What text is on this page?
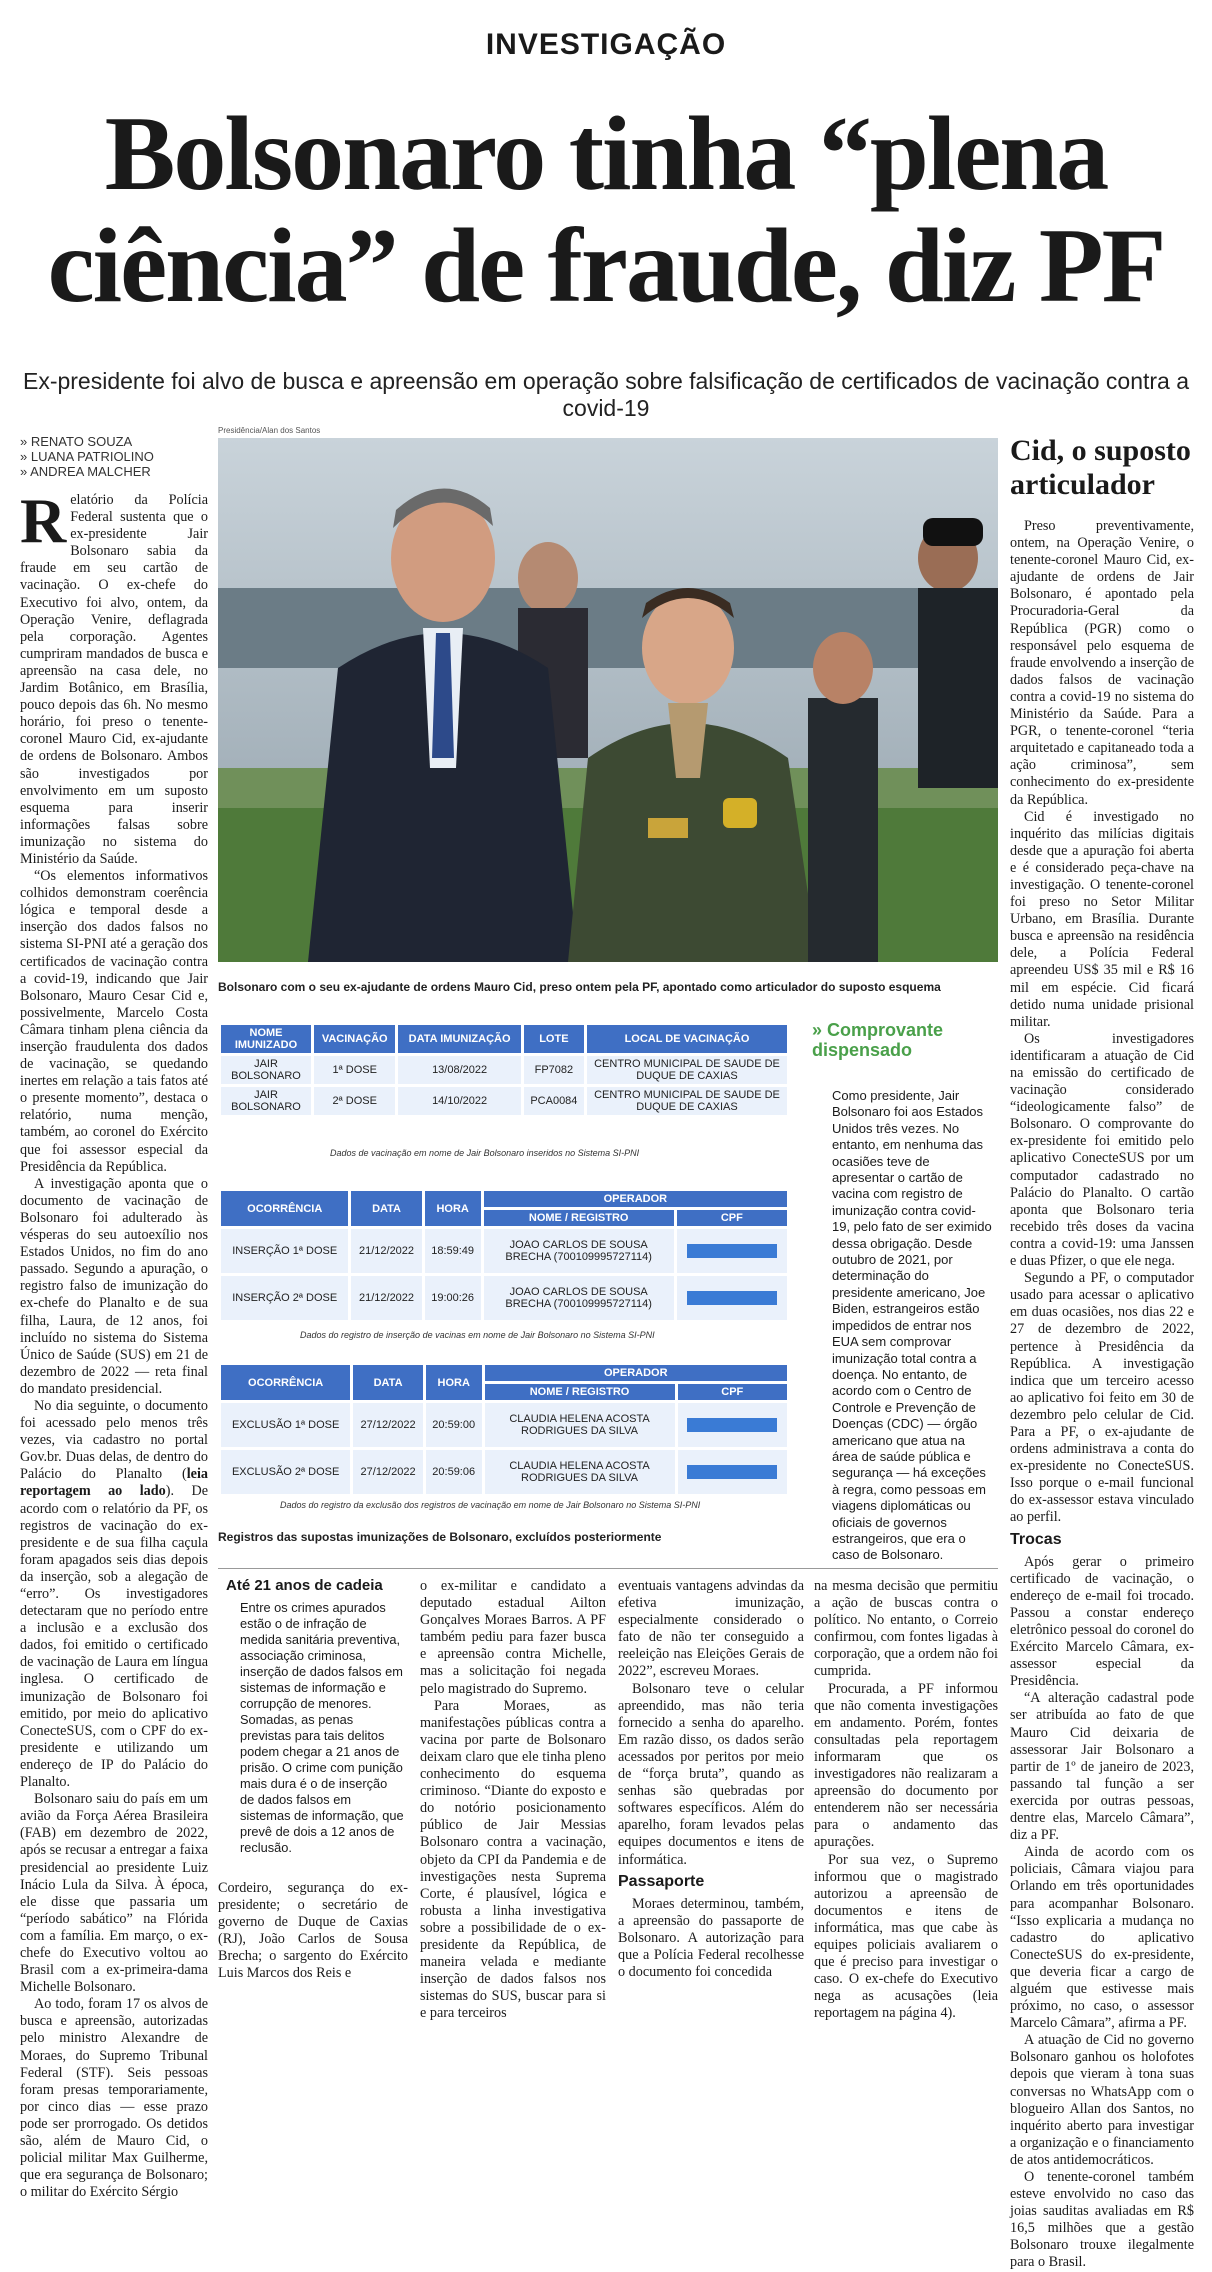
INVESTIGAÇÃO
Bolsonaro tinha “plena
ciência” de fraude, diz PF
Ex-presidente foi alvo de busca e apreensão em operação sobre falsificação de certificados de vacinação contra a covid-19
» RENATO SOUZA
» LUANA PATRIOLINO
» ANDREA MALCHER

Relatório da Polícia Federal sustenta que o ex-presidente Jair Bolsonaro sabia da fraude em seu cartão de vacinação. O ex-chefe do Executivo foi alvo, ontem, da Operação Venire, deflagrada pela corporação. Agentes cumpriram mandados de busca e apreensão na casa dele, no Jardim Botânico, em Brasília, pouco depois das 6h. No mesmo horário, foi preso o tenente-coronel Mauro Cid, ex-ajudante de ordens de Bolsonaro. Ambos são investigados por envolvimento em um suposto esquema para inserir informações falsas sobre imunização no sistema do Ministério da Saúde.

“Os elementos informativos colhidos demonstram coerência lógica e temporal desde a inserção dos dados falsos no sistema SI-PNI até a geração dos certificados de vacinação contra a covid-19, indicando que Jair Bolsonaro, Mauro Cesar Cid e, possivelmente, Marcelo Costa Câmara tinham plena ciência da inserção fraudulenta dos dados de vacinação, se quedando inertes em relação a tais fatos até o presente momento”, destaca o relatório, numa menção, também, ao coronel do Exército que foi assessor especial da Presidência da República.

A investigação aponta que o documento de vacinação de Bolsonaro foi adulterado às vésperas do seu autoexílio nos Estados Unidos, no fim do ano passado. Segundo a apuração, o registro falso de imunização do ex-chefe do Planalto e de sua filha, Laura, de 12 anos, foi incluído no sistema do Sistema Único de Saúde (SUS) em 21 de dezembro de 2022 — reta final do mandato presidencial.

No dia seguinte, o documento foi acessado pelo menos três vezes, via cadastro no portal Gov.br. Duas delas, de dentro do Palácio do Planalto (leia reportagem ao lado). De acordo com o relatório da PF, os registros de vacinação do ex-presidente e de sua filha caçula foram apagados seis dias depois da inserção, sob a alegação de “erro”. Os investigadores detectaram que no período entre a inclusão e a exclusão dos dados, foi emitido o certificado de vacinação de Laura em língua inglesa. O certificado de imunização de Bolsonaro foi emitido, por meio do aplicativo ConecteSUS, com o CPF do ex-presidente e utilizando um endereço de IP do Palácio do Planalto.

Bolsonaro saiu do país em um avião da Força Aérea Brasileira (FAB) em dezembro de 2022, após se recusar a entregar a faixa presidencial ao presidente Luiz Inácio Lula da Silva. À época, ele disse que passaria um “período sabático” na Flórida com a família. Em março, o ex-chefe do Executivo voltou ao Brasil com a ex-primeira-dama Michelle Bolsonaro.

Ao todo, foram 17 os alvos de busca e apreensão, autorizadas pelo ministro Alexandre de Moraes, do Supremo Tribunal Federal (STF). Seis pessoas foram presas temporariamente, por cinco dias — esse prazo pode ser prorrogado. Os detidos são, além de Mauro Cid, o policial militar Max Guilherme, que era segurança de Bolsonaro; o militar do Exército Sérgio

Presidência/Alan dos Santos
Bolsonaro com o seu ex-ajudante de ordens Mauro Cid, preso ontem pela PF, apontado como articulador do suposto esquema
NOME IMUNIZADO	VACINAÇÃO	DATA IMUNIZAÇÃO	LOTE	LOCAL DE VACINAÇÃO
JAIR BOLSONARO	1ª DOSE	13/08/2022	FP7082	CENTRO MUNICIPAL DE SAUDE DE DUQUE DE CAXIAS
JAIR BOLSONARO	2ª DOSE	14/10/2022	PCA0084	CENTRO MUNICIPAL DE SAUDE DE DUQUE DE CAXIAS
Dados de vacinação em nome de Jair Bolsonaro inseridos no Sistema SI-PNI
OCORRÊNCIA	DATA	HORA	OPERADOR	
			NOME / REGISTRO	CPF
INSERÇÃO 1ª DOSE	21/12/2022	18:59:49	JOAO CARLOS DE SOUSA BRECHA (700109995727114)	
INSERÇÃO 2ª DOSE	21/12/2022	19:00:26	JOAO CARLOS DE SOUSA BRECHA (700109995727114)	
Dados do registro de inserção de vacinas em nome de Jair Bolsonaro no Sistema SI-PNI
OCORRÊNCIA	DATA	HORA	OPERADOR	
			NOME / REGISTRO	CPF
EXCLUSÃO 1ª DOSE	27/12/2022	20:59:00	CLAUDIA HELENA ACOSTA RODRIGUES DA SILVA	
EXCLUSÃO 2ª DOSE	27/12/2022	20:59:06	CLAUDIA HELENA ACOSTA RODRIGUES DA SILVA	
Dados do registro da exclusão dos registros de vacinação em nome de Jair Bolsonaro no Sistema SI-PNI
Registros das supostas imunizações de Bolsonaro, excluídos posteriormente
» Comprovante dispensado
Como presidente, Jair Bolsonaro foi aos Estados Unidos três vezes. No entanto, em nenhuma das ocasiões teve de apresentar o cartão de vacina com registro de imunização contra covid-19, pelo fato de ser eximido dessa obrigação. Desde outubro de 2021, por determinação do presidente americano, Joe Biden, estrangeiros estão impedidos de entrar nos EUA sem comprovar imunização total contra a doença. No entanto, de acordo com o Centro de Controle e Prevenção de Doenças (CDC) — órgão americano que atua na área de saúde pública e segurança — há exceções à regra, como pessoas em viagens diplomáticas ou oficiais de governos estrangeiros, que era o caso de Bolsonaro.
Cid, o suposto articulador

Preso preventivamente, ontem, na Operação Venire, o tenente-coronel Mauro Cid, ex-ajudante de ordens de Jair Bolsonaro, é apontado pela Procuradoria-Geral da República (PGR) como o responsável pelo esquema de fraude envolvendo a inserção de dados falsos de vacinação contra a covid-19 no sistema do Ministério da Saúde. Para a PGR, o tenente-coronel “teria arquitetado e capitaneado toda a ação criminosa”, sem conhecimento do ex-presidente da República.

Cid é investigado no inquérito das milícias digitais desde que a apuração foi aberta e é considerado peça-chave na investigação. O tenente-coronel foi preso no Setor Militar Urbano, em Brasília. Durante busca e apreensão na residência dele, a Polícia Federal apreendeu US$ 35 mil e R$ 16 mil em espécie. Cid ficará detido numa unidade prisional militar.

Os investigadores identificaram a atuação de Cid na emissão do certificado de vacinação considerado “ideologicamente falso” de Bolsonaro. O comprovante do ex-presidente foi emitido pelo aplicativo ConecteSUS por um computador cadastrado no Palácio do Planalto. O cartão aponta que Bolsonaro teria recebido três doses da vacina contra a covid-19: uma Janssen e duas Pfizer, o que ele nega.

Segundo a PF, o computador usado para acessar o aplicativo em duas ocasiões, nos dias 22 e 27 de dezembro de 2022, pertence à Presidência da República. A investigação indica que um terceiro acesso ao aplicativo foi feito em 30 de dezembro pelo celular de Cid. Para a PF, o ex-ajudante de ordens administrava a conta do ex-presidente no ConecteSUS. Isso porque o e-mail funcional do ex-assessor estava vinculado ao perfil.

Trocas

Após gerar o primeiro certificado de vacinação, o endereço de e-mail foi trocado. Passou a constar endereço eletrônico pessoal do coronel do Exército Marcelo Câmara, ex-assessor especial da Presidência.

“A alteração cadastral pode ser atribuída ao fato de que Mauro Cid deixaria de assessorar Jair Bolsonaro a partir de 1º de janeiro de 2023, passando tal função a ser exercida por outras pessoas, dentre elas, Marcelo Câmara”, diz a PF.

Ainda de acordo com os policiais, Câmara viajou para Orlando em três oportunidades para acompanhar Bolsonaro. “Isso explicaria a mudança no cadastro do aplicativo ConecteSUS do ex-presidente, que deveria ficar a cargo de alguém que estivesse mais próximo, no caso, o assessor Marcelo Câmara”, afirma a PF.

A atuação de Cid no governo Bolsonaro ganhou os holofotes depois que vieram à tona suas conversas no WhatsApp com o blogueiro Allan dos Santos, no inquérito aberto para investigar a organização e o financiamento de atos antidemocráticos.

O tenente-coronel também esteve envolvido no caso das joias sauditas avaliadas em R$ 16,5 milhões que a gestão Bolsonaro trouxe ilegalmente para o Brasil.

Até 21 anos de cadeia
Entre os crimes apurados estão o de infração de medida sanitária preventiva, associação criminosa, inserção de dados falsos em sistemas de informação e corrupção de menores. Somadas, as penas previstas para tais delitos podem chegar a 21 anos de prisão. O crime com punição mais dura é o de inserção de dados falsos em sistemas de informação, que prevê de dois a 12 anos de reclusão.
Cordeiro, segurança do ex-presidente; o secretário de governo de Duque de Caxias (RJ), João Carlos de Sousa Brecha; o sargento do Exército Luis Marcos dos Reis e

o ex-militar e candidato a deputado estadual Ailton Gonçalves Moraes Barros. A PF também pediu para fazer busca e apreensão contra Michelle, mas a solicitação foi negada pelo magistrado do Supremo.

Para Moraes, as manifestações públicas contra a vacina por parte de Bolsonaro deixam claro que ele tinha pleno conhecimento do esquema criminoso. “Diante do exposto e do notório posicionamento público de Jair Messias Bolsonaro contra a vacinação, objeto da CPI da Pandemia e de investigações nesta Suprema Corte, é plausível, lógica e robusta a linha investigativa sobre a possibilidade de o ex-presidente da República, de maneira velada e mediante inserção de dados falsos nos sistemas do SUS, buscar para si e para terceiros

eventuais vantagens advindas da efetiva imunização, especialmente considerado o fato de não ter conseguido a reeleição nas Eleições Gerais de 2022”, escreveu Moraes.

Bolsonaro teve o celular apreendido, mas não teria fornecido a senha do aparelho. Em razão disso, os dados serão acessados por peritos por meio de “força bruta”, quando as senhas são quebradas por softwares específicos. Além do aparelho, foram levados pelas equipes documentos e itens de informática.

Passaporte

Moraes determinou, também, a apreensão do passaporte de Bolsonaro. A autorização para que a Polícia Federal recolhesse o documento foi concedida

na mesma decisão que permitiu a ação de buscas contra o político. No entanto, o Correio confirmou, com fontes ligadas à corporação, que a ordem não foi cumprida.

Procurada, a PF informou que não comenta investigações em andamento. Porém, fontes consultadas pela reportagem informaram que os investigadores não realizaram a apreensão do documento por entenderem não ser necessária para o andamento das apurações.

Por sua vez, o Supremo informou que o magistrado autorizou a apreensão de documentos e itens de informática, mas que cabe às equipes policiais avaliarem o que é preciso para investigar o caso. O ex-chefe do Executivo nega as acusações (leia reportagem na página 4).
